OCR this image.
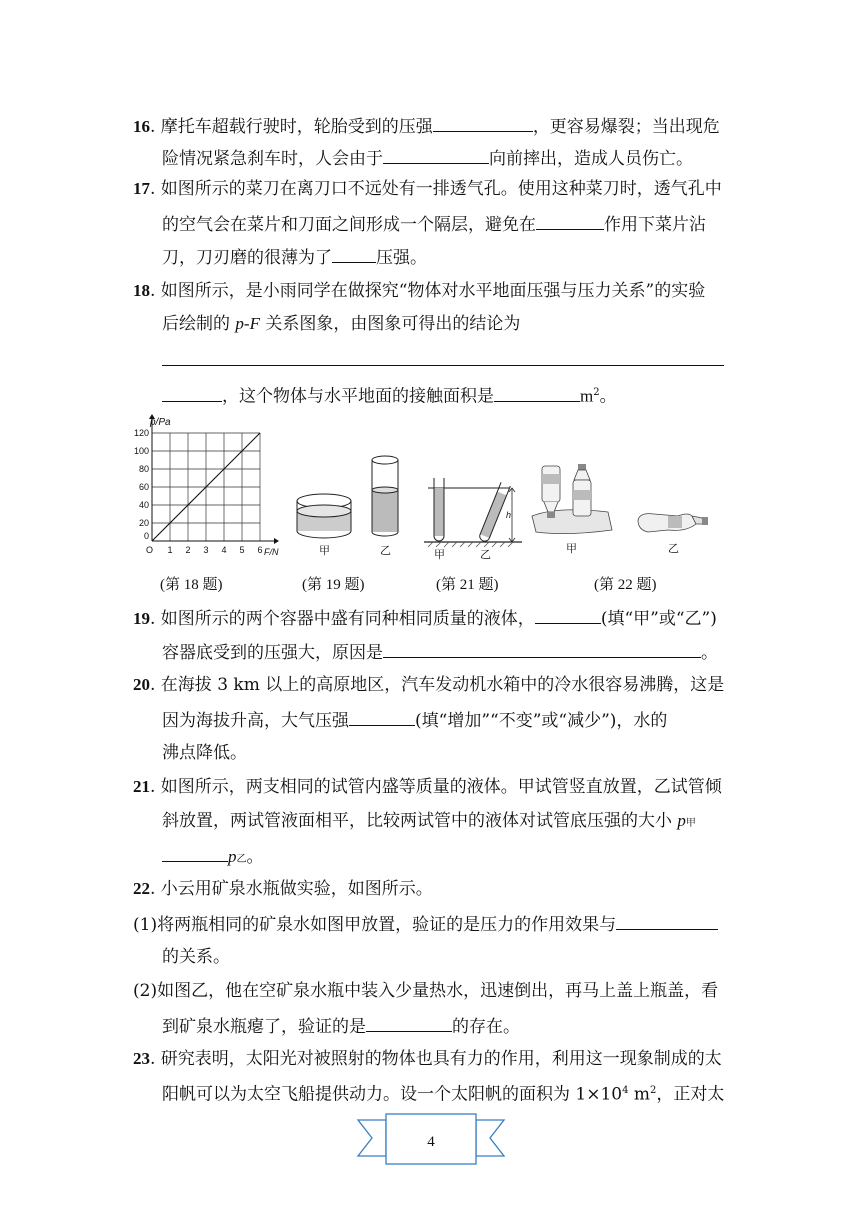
16. 摩托车超载行驶时，轮胎受到的压强	，更容易爆裂；当出现危
险情况紧急刹车时，人会由于	向前摔出，造成人员伤亡。
17. 如图所示的菜刀在离刀口不远处有一排透气孔。使用这种菜刀时，透气孔中
的空气会在菜片和刀面之间形成一个隔层，避免在	作用下菜片沾
刀，刀刃磨的很薄为了	压强。
18. 如图所示，是小雨同学在做探究“物体对水平地面压强与压力关系”的实验
后绘制的 p-F 关系图象，由图象可得出的结论为
，这个物体与水平地面的接触面积是	$m^2$。
1 2 3 4 5 6
20
40
60
80
100
120
0
O
p/Pa
F/N	甲	乙
h
甲	乙	甲	乙
(第 18 题)	(第 19 题)	(第 21 题)	(第 22 题)
19. 如图所示的两个容器中盛有同种相同质量的液体，	(填“甲”或“乙”)
容器底受到的压强大，原因是	。
20. 在海拔 3 km 以上的高原地区，汽车发动机水箱中的冷水很容易沸腾，这是
因为海拔升高，大气压强	(填“增加”“不变”或“减少”)，水的
沸点降低。
21. 如图所示，两支相同的试管内盛等质量的液体。甲试管竖直放置，乙试管倾
斜放置，两试管液面相平，比较两试管中的液体对试管底压强的大小 p甲
p乙。
22. 小云用矿泉水瓶做实验，如图所示。
(1)将两瓶相同的矿泉水如图甲放置，验证的是压力的作用效果与
的关系。
(2)如图乙，他在空矿泉水瓶中装入少量热水，迅速倒出，再马上盖上瓶盖，看
到矿泉水瓶瘪了，验证的是	的存在。
23. 研究表明，太阳光对被照射的物体也具有力的作用，利用这一现象制成的太
阳帆可以为太空飞船提供动力。设一个太阳帆的面积为 $1\times 10^4$ $m^2$，正对太
4
